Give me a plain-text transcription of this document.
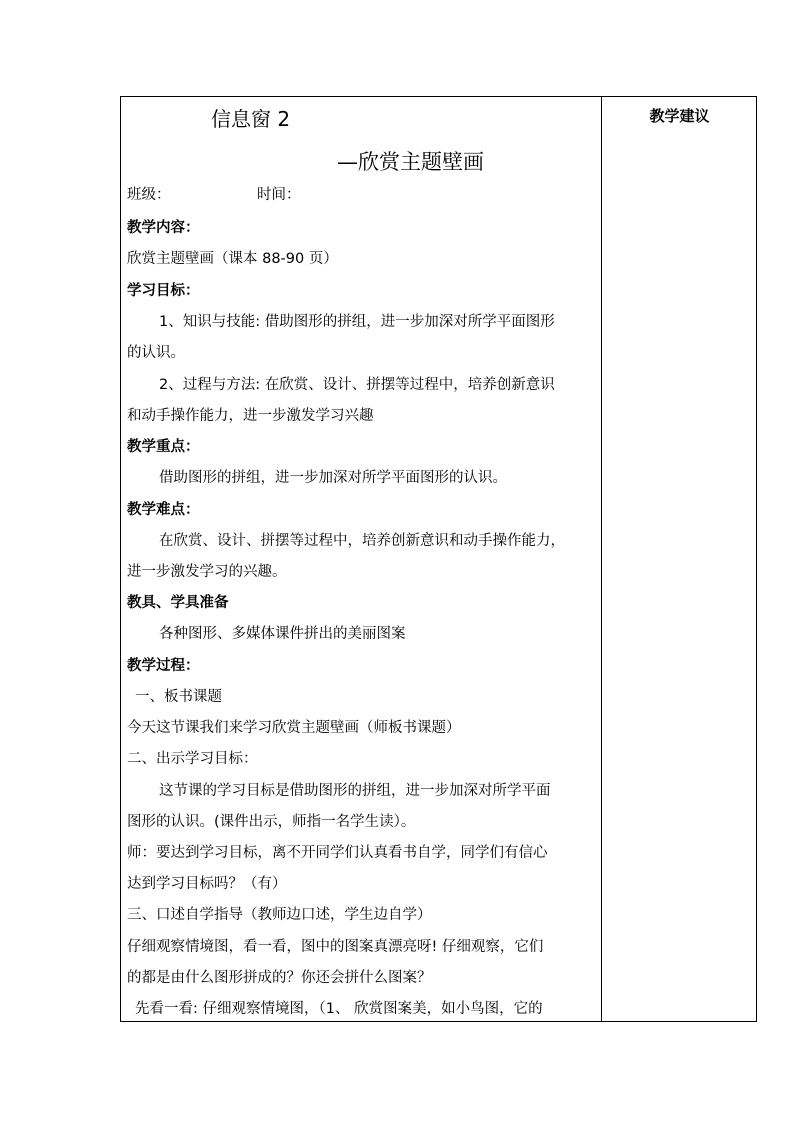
信息窗 2
—欣赏主题壁画
班级：	时间：
教学内容：
欣赏主题壁画（课本 88-90 页）
学习目标：
1、知识与技能: 借助图形的拼组，进一步加深对所学平面图形
的认识。
2、过程与方法: 在欣赏、设计、拼摆等过程中，培养创新意识
和动手操作能力，进一步激发学习兴趣
教学重点：
借助图形的拼组，进一步加深对所学平面图形的认识。
教学难点：
在欣赏、设计、拼摆等过程中，培养创新意识和动手操作能力，
进一步激发学习的兴趣。
教具、学具准备
各种图形、多媒体课件拼出的美丽图案
教学过程：
一、板书课题
今天这节课我们来学习欣赏主题壁画（师板书课题）
二、出示学习目标：
这节课的学习目标是借助图形的拼组，进一步加深对所学平面
图形的认识。(课件出示，师指一名学生读）。
师：要达到学习目标，离不开同学们认真看书自学，同学们有信心
达到学习目标吗？（有）
三、口述自学指导（教师边口述，学生边自学）
仔细观察情境图，看一看，图中的图案真漂亮呀! 仔细观察，它们
的都是由什么图形拼成的？你还会拼什么图案？
先看一看: 仔细观察情境图，（1、 欣赏图案美，如小鸟图，它的
教学建议
